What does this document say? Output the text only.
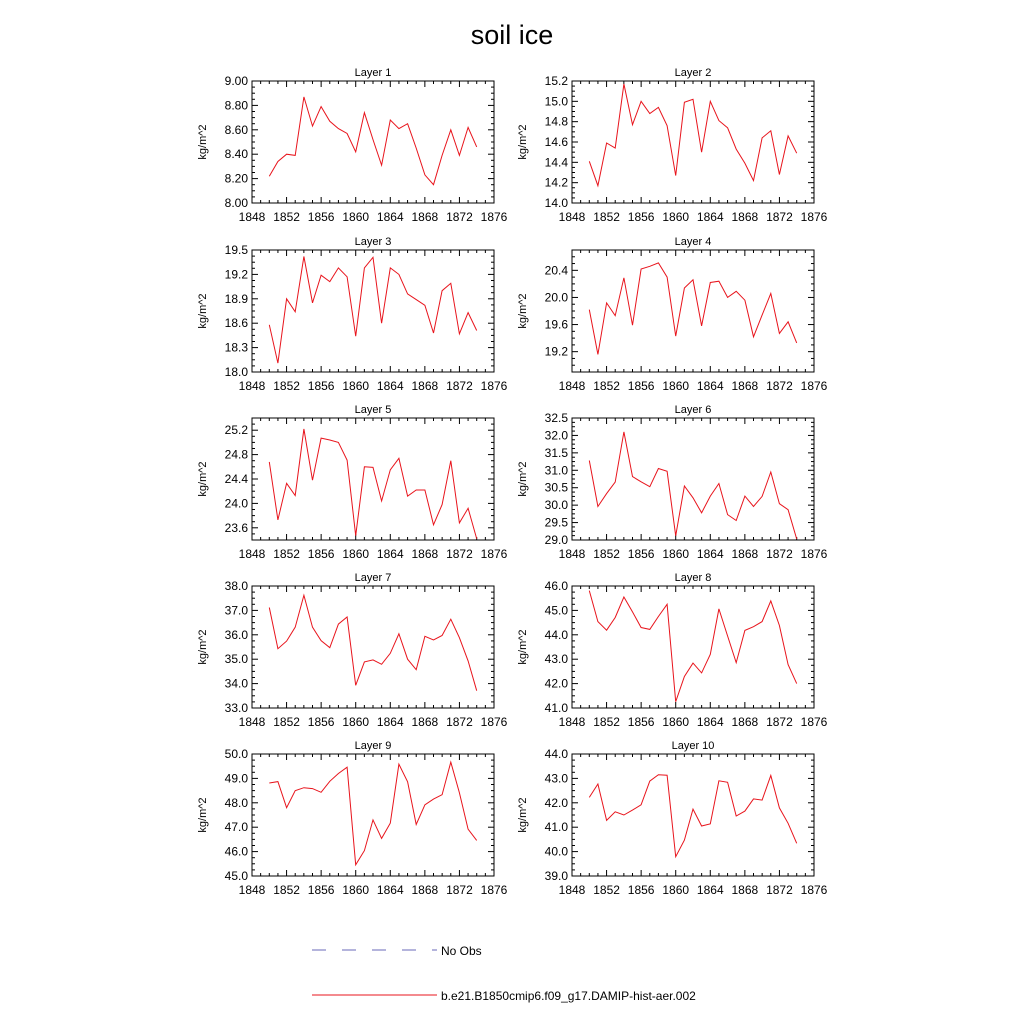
soil ice
Layer 1
kg/m^2
1848 1852 1856 1860 1864 1868 1872 1876
8.00
8.20
8.40
8.60
8.80
9.00
Layer 2
kg/m^2
1848 1852 1856 1860 1864 1868 1872 1876
14.0
14.2
14.4
14.6
14.8
15.0
15.2
Layer 3
kg/m^2
1848 1852 1856 1860 1864 1868 1872 1876
18.0
18.3
18.6
18.9
19.2
19.5
Layer 4
kg/m^2
1848 1852 1856 1860 1864 1868 1872 1876
19.2
19.6
20.0
20.4
Layer 5
kg/m^2
1848 1852 1856 1860 1864 1868 1872 1876
23.6
24.0
24.4
24.8
25.2
Layer 6
kg/m^2
1848 1852 1856 1860 1864 1868 1872 1876
29.0
29.5
30.0
30.5
31.0
31.5
32.0
32.5
Layer 7
kg/m^2
1848 1852 1856 1860 1864 1868 1872 1876
33.0
34.0
35.0
36.0
37.0
38.0
Layer 8
kg/m^2
1848 1852 1856 1860 1864 1868 1872 1876
41.0
42.0
43.0
44.0
45.0
46.0
Layer 9
kg/m^2
1848 1852 1856 1860 1864 1868 1872 1876
45.0
46.0
47.0
48.0
49.0
50.0
Layer 10
kg/m^2
1848 1852 1856 1860 1864 1868 1872 1876
39.0
40.0
41.0
42.0
43.0
44.0
No Obs
b.e21.B1850cmip6.f09_g17.DAMIP-hist-aer.002
